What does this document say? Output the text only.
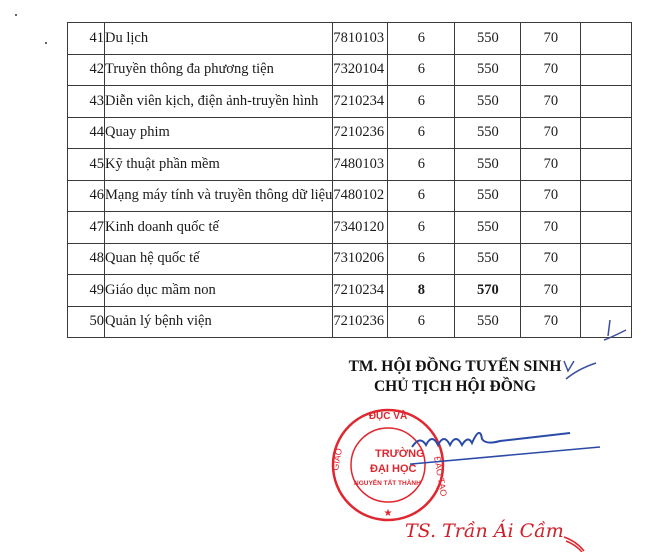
41	Du lịch	7810103	6	550	70	
42	Truyền thông đa phương tiện	7320104	6	550	70	
43	Diễn viên kịch, điện ảnh-truyền hình	7210234	6	550	70	
44	Quay phim	7210236	6	550	70	
45	Kỹ thuật phần mềm	7480103	6	550	70	
46	Mạng máy tính và truyền thông dữ liệu	7480102	6	550	70	
47	Kinh doanh quốc tế	7340120	6	550	70	
48	Quan hệ quốc tế	7310206	6	550	70	
49	Giáo dục mầm non	7210234	8	570	70	
50	Quản lý bệnh viện	7210236	6	550	70	
TM. HỘI ĐỒNG TUYỂN SINH
CHỦ TỊCH HỘI ĐỒNG
ĐỤC VÀ
TRƯỜNG
ĐẠI HỌC
NGUYỄN TẤT THÀNH
★
GIÁO	ĐÀO TẠO
TS. Trần Ái Cầm
